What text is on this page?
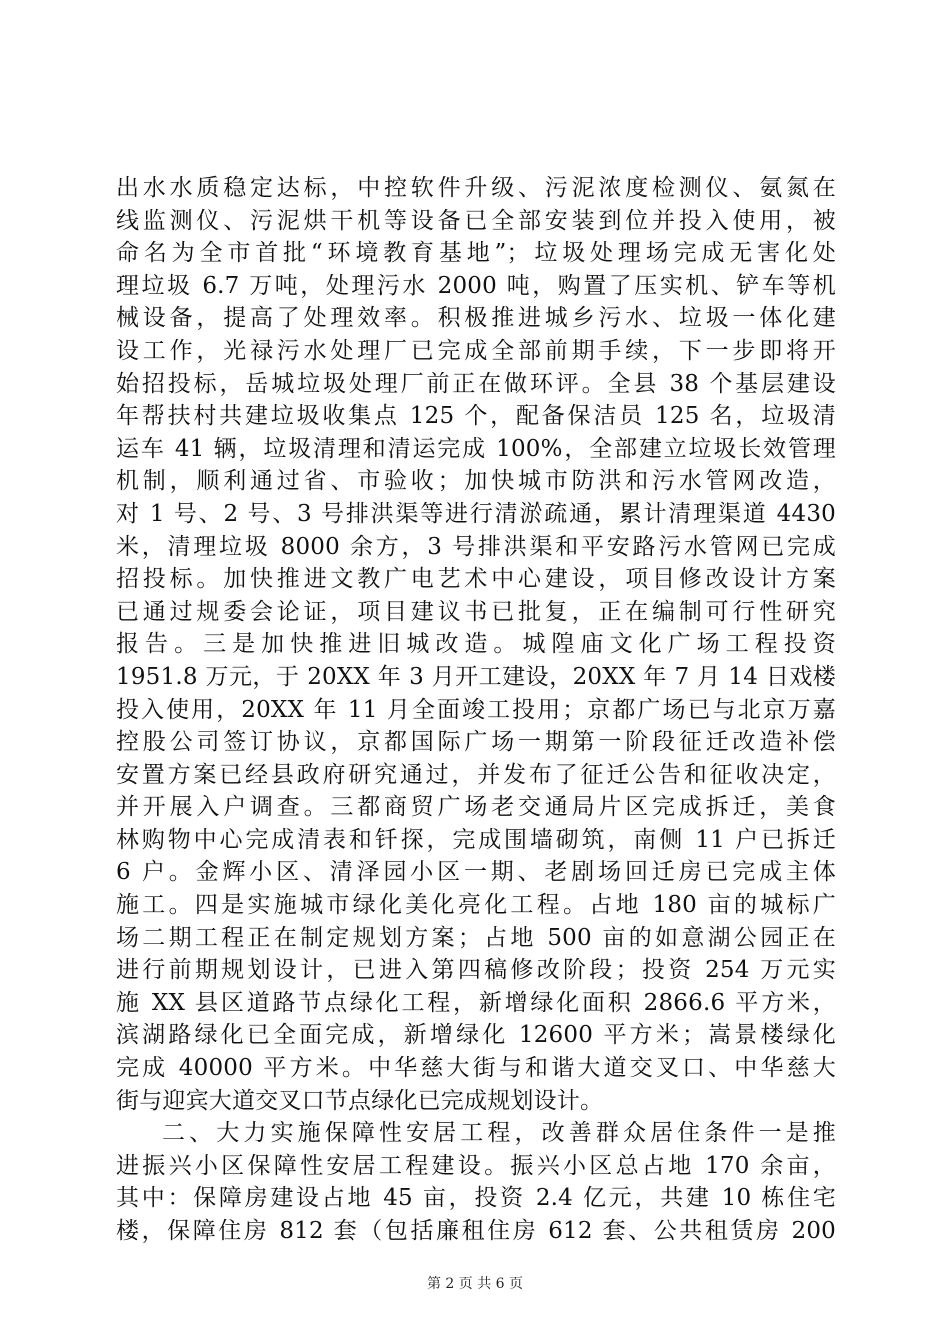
出水水质稳定达标，中控软件升级、污泥浓度检测仪、氨氮在
线监测仪、污泥烘干机等设备已全部安装到位并投入使用，被
命名为全市首批“环境教育基地”；垃圾处理场完成无害化处
理垃圾 6.7 万吨，处理污水 2000 吨，购置了压实机、铲车等机
械设备，提高了处理效率。积极推进城乡污水、垃圾一体化建
设工作，光禄污水处理厂已完成全部前期手续，下一步即将开
始招投标，岳城垃圾处理厂前正在做环评。全县 38 个基层建设
年帮扶村共建垃圾收集点 125 个，配备保洁员 125 名，垃圾清
运车 41 辆，垃圾清理和清运完成 100%，全部建立垃圾长效管理
机制，顺利通过省、市验收；加快城市防洪和污水管网改造，
对 1 号、2 号、3 号排洪渠等进行清淤疏通，累计清理渠道 4430
米，清理垃圾 8000 余方，3 号排洪渠和平安路污水管网已完成
招投标。加快推进文教广电艺术中心建设，项目修改设计方案
已通过规委会论证，项目建议书已批复，正在编制可行性研究
报告。三是加快推进旧城改造。城隍庙文化广场工程投资
1951.8 万元，于 20XX 年 3 月开工建设，20XX 年 7 月 14 日戏楼
投入使用，20XX 年 11 月全面竣工投用；京都广场已与北京万嘉
控股公司签订协议，京都国际广场一期第一阶段征迁改造补偿
安置方案已经县政府研究通过，并发布了征迁公告和征收决定，
并开展入户调查。三都商贸广场老交通局片区完成拆迁，美食
林购物中心完成清表和钎探，完成围墙砌筑，南侧 11 户已拆迁
6 户。金辉小区、清泽园小区一期、老剧场回迁房已完成主体
施工。四是实施城市绿化美化亮化工程。占地 180 亩的城标广
场二期工程正在制定规划方案；占地 500 亩的如意湖公园正在
进行前期规划设计，已进入第四稿修改阶段；投资 254 万元实
施 XX 县区道路节点绿化工程，新增绿化面积 2866.6 平方米，
滨湖路绿化已全面完成，新增绿化 12600 平方米；嵩景楼绿化
完成 40000 平方米。中华慈大街与和谐大道交叉口、中华慈大
街与迎宾大道交叉口节点绿化已完成规划设计。
二、大力实施保障性安居工程，改善群众居住条件一是推
进振兴小区保障性安居工程建设。振兴小区总占地 170 余亩，
其中：保障房建设占地 45 亩，投资 2.4 亿元，共建 10 栋住宅
楼，保障住房 812 套（包括廉租住房 612 套、公共租赁房 200
第 2 页 共 6 页
